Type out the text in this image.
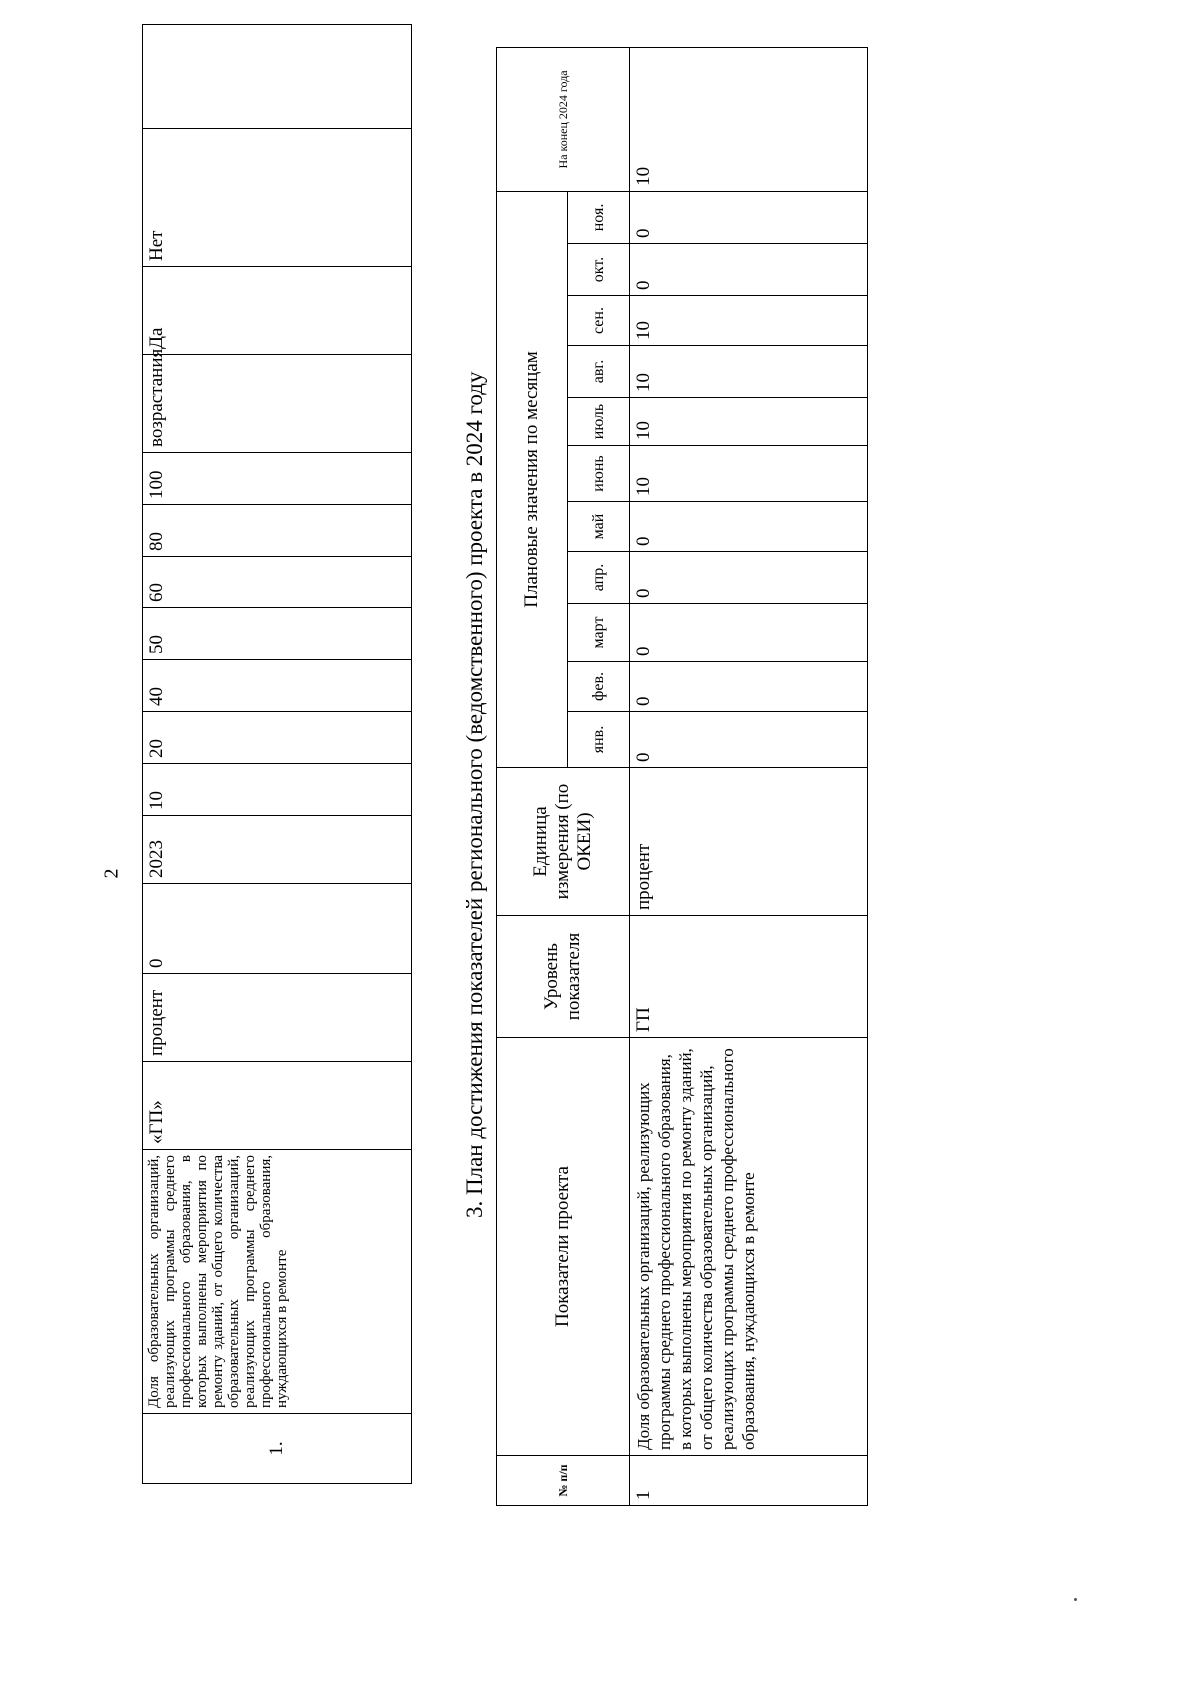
2
1.	Доля образовательных организаций, реализующих программы среднего профессионального образования, в которых выполнены мероприятия по ремонту зданий, от общего количества образовательных организаций, реализующих программы среднего профессионального образования, нуждающихся в ремонте	«ГП»	процент	0	2023	10	20	40	50	60	80	100	возрастания	Да	Нет	
3. План достижения показателей регионального (ведомственного) проекта в 2024 году
№ п/п	Показатели проекта	Уровень показателя	Единица измерения (по ОКЕИ)	Плановые значения по месяцам											На конец 2024 года
				янв.	фев.	март	апр.	май	июнь	июль	авг.	сен.	окт.	ноя.	
1	Доля образовательных организаций, реализующих программы среднего профессионального образования, в которых выполнены мероприятия по ремонту зданий, от общего количества образовательных организаций, реализующих программы среднего профессионального образования, нуждающихся в ремонте	ГП	процент	0	0	0	0	0	10	10	10	10	0	0	10
